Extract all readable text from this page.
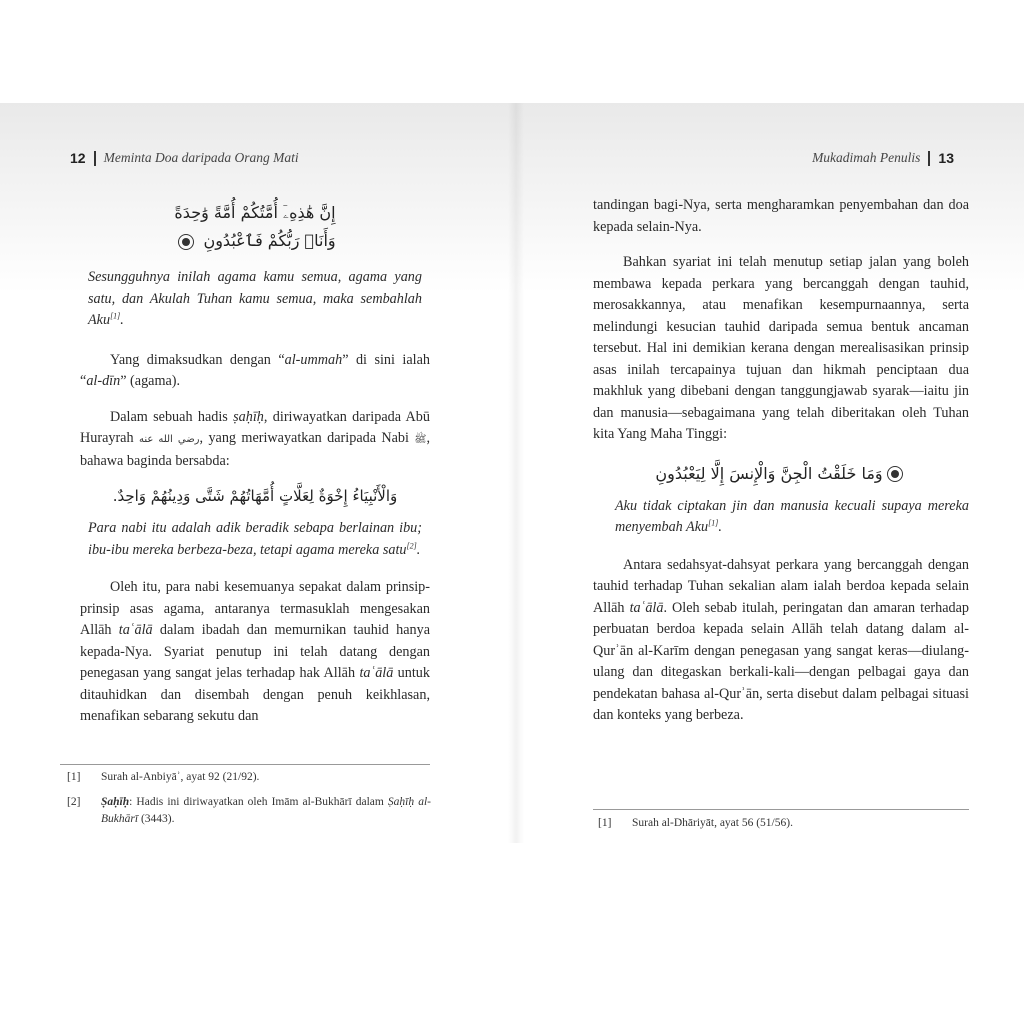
12 Meminta Doa daripada Orang Mati
إِنَّ هَٰذِهِۦٓ أُمَّتُكُمْ أُمَّةً وَٰحِدَةً
وَأَنَا۠ رَبُّكُمْ فَٱعْبُدُونِ
Sesungguhnya inilah agama kamu semua, agama yang satu, dan Akulah Tuhan kamu semua, maka sembahlah Aku[1].
Yang dimaksudkan dengan “al-ummah” di sini ialah “al-dīn” (agama).
Dalam sebuah hadis ṣaḥīḥ, diriwayatkan daripada Abū Hurayrah رضي الله عنه, yang meriwayatkan daripada Nabi ﷺ, bahawa baginda bersabda:
وَالْأَنْبِيَاءُ إِخْوَةٌ لِعَلَّاتٍ أُمَّهَاتُهُمْ شَتَّى وَدِينُهُمْ وَاحِدٌ.
Para nabi itu adalah adik beradik sebapa berlainan ibu; ibu-ibu mereka berbeza-beza, tetapi agama mereka satu[2].
Oleh itu, para nabi kesemuanya sepakat dalam prinsip-prinsip asas agama, antaranya termasuklah mengesakan Allāh taʿālā dalam ibadah dan memurnikan tauhid hanya kepada-Nya. Syariat penutup ini telah datang dengan penegasan yang sangat jelas terhadap hak Allāh taʿālā untuk ditauhidkan dan disembah dengan penuh keikhlasan, menafikan sebarang sekutu dan
[1]	Surah al-Anbiyāʾ, ayat 92 (21/92).
[2]	Ṣaḥīḥ: Hadis ini diriwayatkan oleh Imām al-Bukhārī dalam Ṣaḥīḥ al-Bukhārī (3443).
Mukadimah Penulis 13
tandingan bagi-Nya, serta mengharamkan penyembahan dan doa kepada selain-Nya.
Bahkan syariat ini telah menutup setiap jalan yang boleh membawa kepada perkara yang bercanggah dengan tauhid, merosakkannya, atau menafikan kesempurnaannya, serta melindungi kesucian tauhid daripada semua bentuk ancaman tersebut. Hal ini demikian kerana dengan merealisasikan prinsip asas inilah tercapainya tujuan dan hikmah penciptaan dua makhluk yang dibebani dengan tanggungjawab syarak—iaitu jin dan manusia—sebagaimana yang telah diberitakan oleh Tuhan kita Yang Maha Tinggi:
وَمَا خَلَقْتُ الْجِنَّ وَالْإِنسَ إِلَّا لِيَعْبُدُونِ
Aku tidak ciptakan jin dan manusia kecuali supaya mereka menyembah Aku[1].
Antara sedahsyat-dahsyat perkara yang bercanggah dengan tauhid terhadap Tuhan sekalian alam ialah berdoa kepada selain Allāh taʿālā. Oleh sebab itulah, peringatan dan amaran terhadap perbuatan berdoa kepada selain Allāh telah datang dalam al-Qurʾān al-Karīm dengan penegasan yang sangat keras—diulang-ulang dan ditegaskan berkali-kali—dengan pelbagai gaya dan pendekatan bahasa al-Qurʾān, serta disebut dalam pelbagai situasi dan konteks yang berbeza.
[1]	Surah al-Dhāriyāt, ayat 56 (51/56).
